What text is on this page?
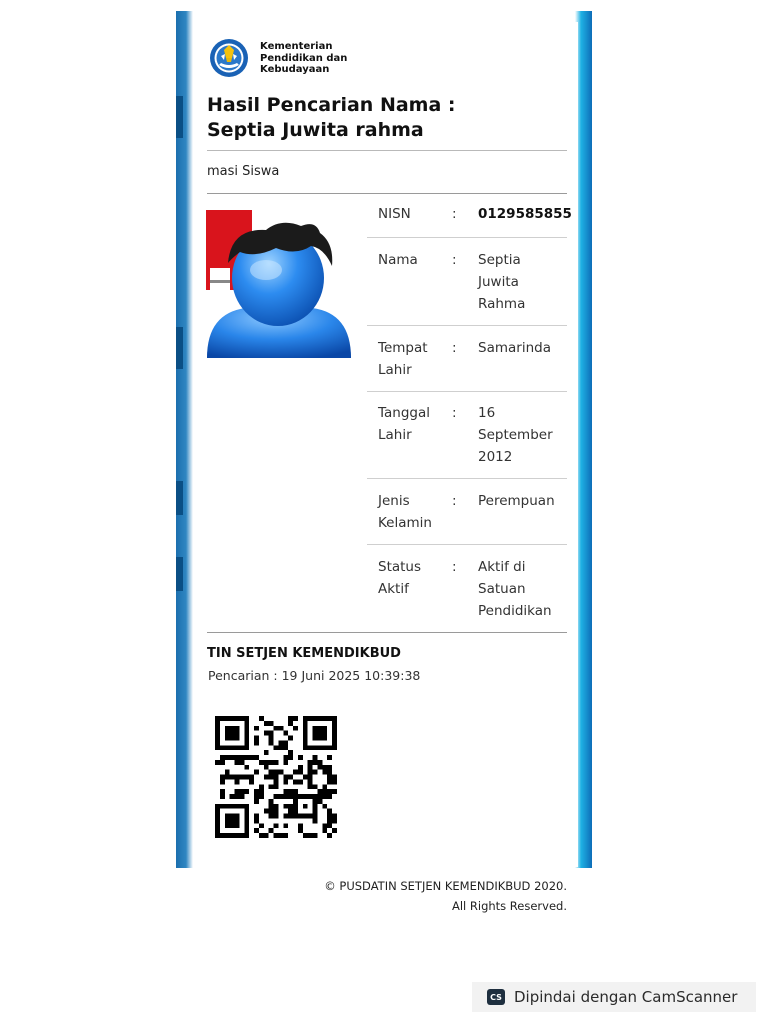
Kementerian
Pendidikan dan
Kebudayaan
Hasil Pencarian Nama : Septia Juwita rahma
masi Siswa
NISN	: 0129585855
Nama	: Septia Juwita Rahma
Tempat Lahir
: Samarinda
Tanggal Lahir
: 16 September 2012
Jenis Kelamin
: Perempuan
Status Aktif
: Aktif di Satuan Pendidikan
TIN SETJEN KEMENDIKBUD
Pencarian : 19 Juni 2025 10:39:38
© PUSDATIN SETJEN KEMENDIKBUD 2020.
All Rights Reserved.
CS Dipindai dengan CamScanner
